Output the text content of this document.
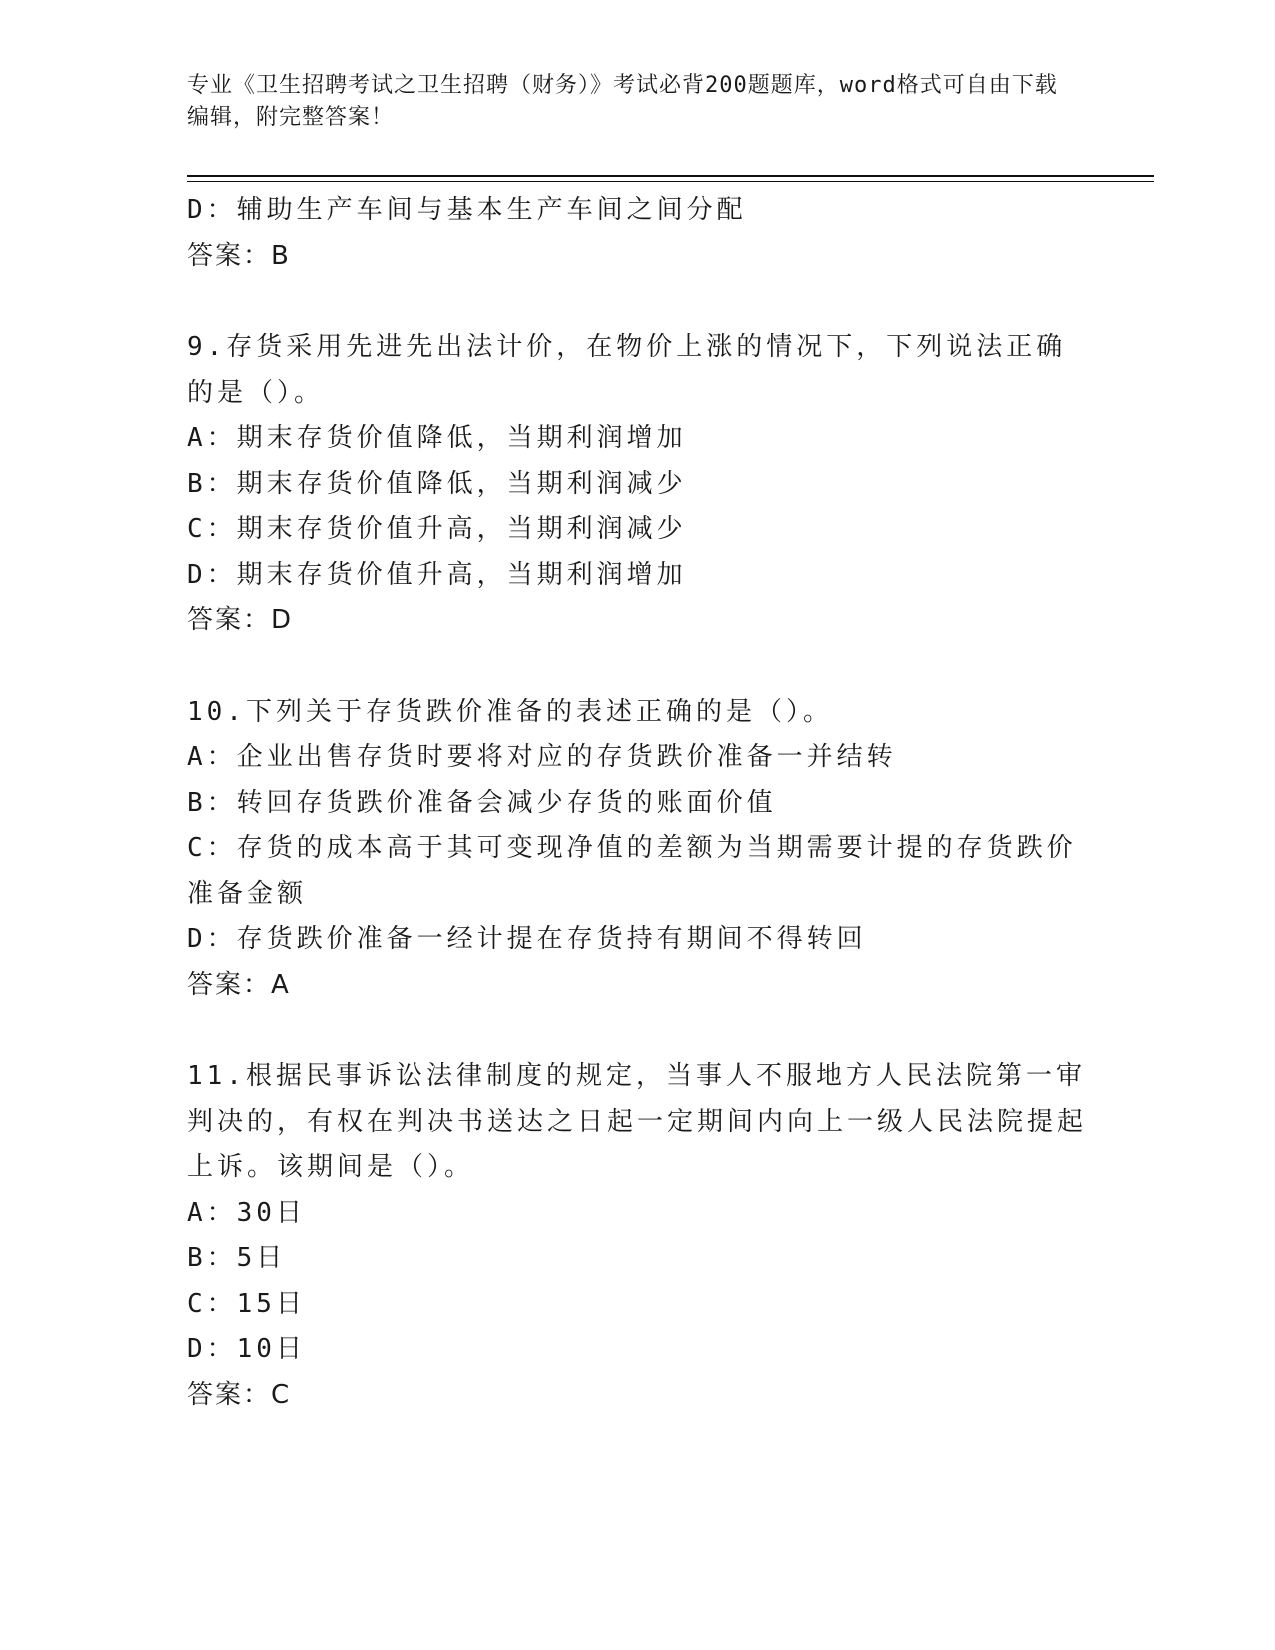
专业《卫生招聘考试之卫生招聘（财务）》考试必背200题题库，word格式可自由下载编辑，附完整答案！
D：辅助生产车间与基本生产车间之间分配
答案：B
9.存货采用先进先出法计价，在物价上涨的情况下，下列说法正确的是（）。
A：期末存货价值降低，当期利润增加
B：期末存货价值降低，当期利润减少
C：期末存货价值升高，当期利润减少
D：期末存货价值升高，当期利润增加
答案：D
10.下列关于存货跌价准备的表述正确的是（）。
A：企业出售存货时要将对应的存货跌价准备一并结转
B：转回存货跌价准备会减少存货的账面价值
C：存货的成本高于其可变现净值的差额为当期需要计提的存货跌价准备金额
D：存货跌价准备一经计提在存货持有期间不得转回
答案：A
11.根据民事诉讼法律制度的规定，当事人不服地方人民法院第一审判决的，有权在判决书送达之日起一定期间内向上一级人民法院提起上诉。该期间是（）。
A：30日
B：5日
C：15日
D：10日
答案：C
